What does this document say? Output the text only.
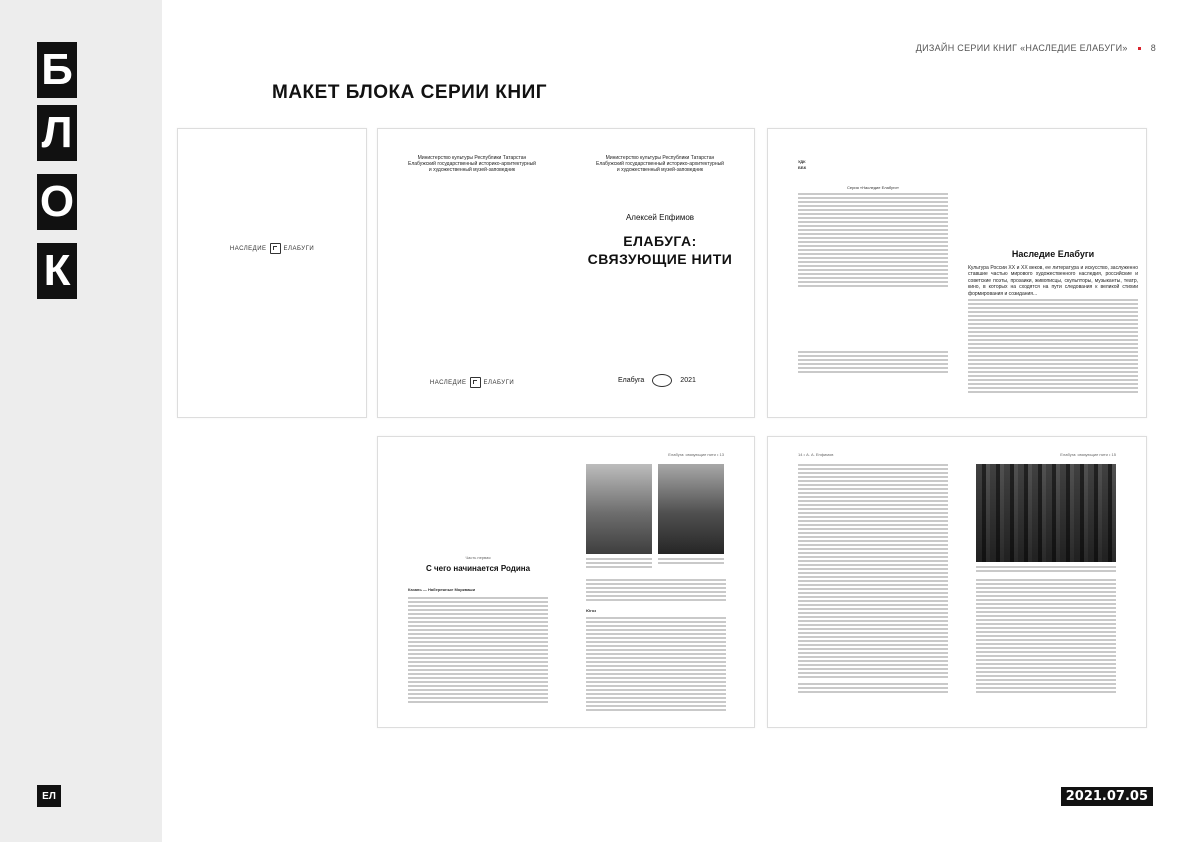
Б
Л
О
К
ЕЛ
ДИЗАЙН СЕРИИ КНИГ «НАСЛЕДИЕ ЕЛАБУГИ»	8
МАКЕТ БЛОКА СЕРИИ КНИГ
НАСЛЕДИЕ	ЕЛАБУГИ
Министерство культуры Республики Татарстан
Елабужский государственный историко-архитектурный
и художественный музей-заповедник
Министерство культуры Республики Татарстан
Елабужский государственный историко-архитектурный
и художественный музей-заповедник
Алексей Епфимов
ЕЛАБУГА:
СВЯЗУЮЩИЕ НИТИ
НАСЛЕДИЕ	ЕЛАБУГИ	Елабуга	2021
УДК
ББК
Серия «Наследие Елабуги»
Наследие Елабуги
Культура России XX и XX веков, ее литература и искусство, заслуженно ставшие частью мирового художественного наследия, российские и советские поэты, прозаики, живописцы, скульпторы, музыканты, театр, кино, в которых на сходятся на пути следования к великой стихии формирования и созидания...
Елабуга: связующие нити • 13
Часть первая
С чего начинается Родина
Казань — Набережные Моркваши
Югоз
14 • А. А. Епфимов	Елабуга: связующие нити • 15
2021.07.05
